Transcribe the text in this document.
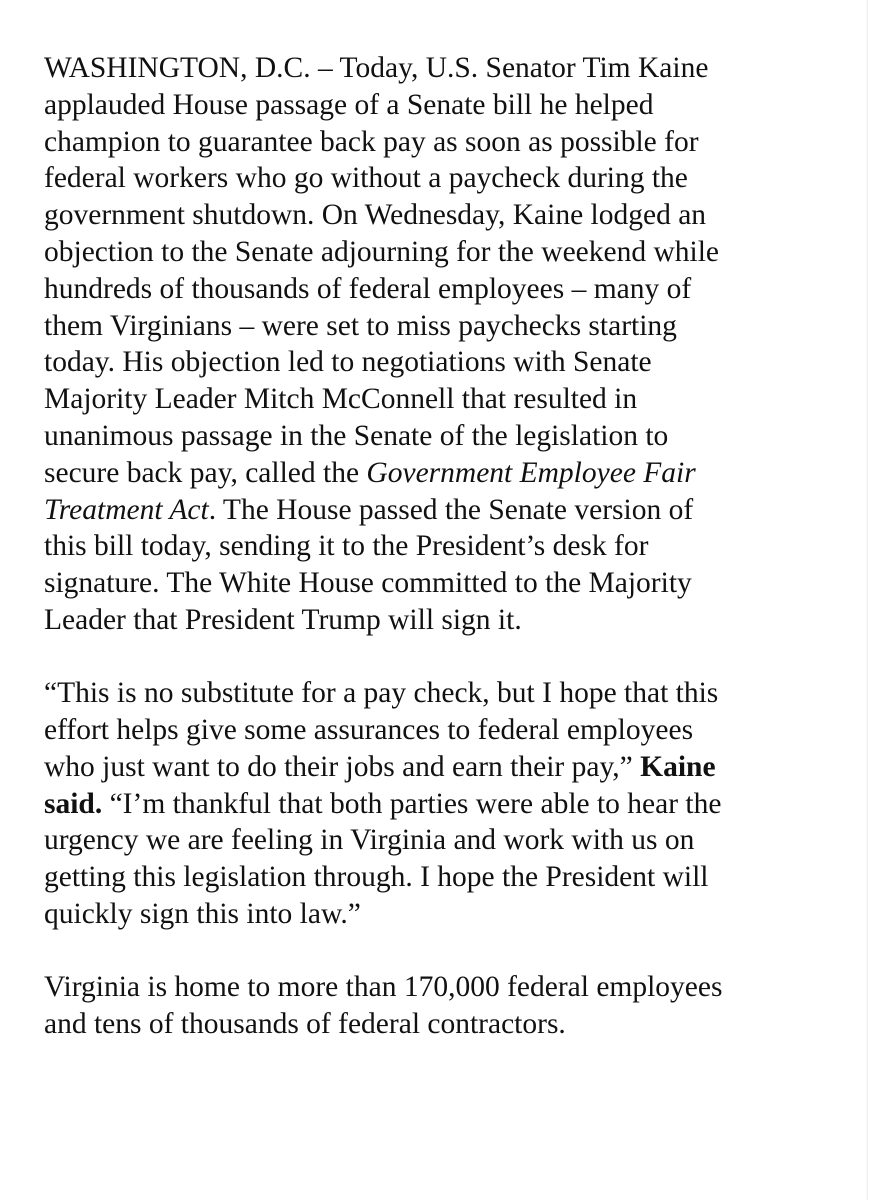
WASHINGTON, D.C. – Today, U.S. Senator Tim Kaine
applauded House passage of a Senate bill he helped
champion to guarantee back pay as soon as possible for
federal workers who go without a paycheck during the
government shutdown. On Wednesday, Kaine lodged an
objection to the Senate adjourning for the weekend while
hundreds of thousands of federal employees – many of
them Virginians – were set to miss paychecks starting
today. His objection led to negotiations with Senate
Majority Leader Mitch McConnell that resulted in
unanimous passage in the Senate of the legislation to
secure back pay, called the Government Employee Fair
Treatment Act. The House passed the Senate version of
this bill today, sending it to the President’s desk for
signature. The White House committed to the Majority
Leader that President Trump will sign it.

“This is no substitute for a pay check, but I hope that this
effort helps give some assurances to federal employees
who just want to do their jobs and earn their pay,” Kaine
said. “I’m thankful that both parties were able to hear the
urgency we are feeling in Virginia and work with us on
getting this legislation through. I hope the President will
quickly sign this into law.”

Virginia is home to more than 170,000 federal employees
and tens of thousands of federal contractors.
